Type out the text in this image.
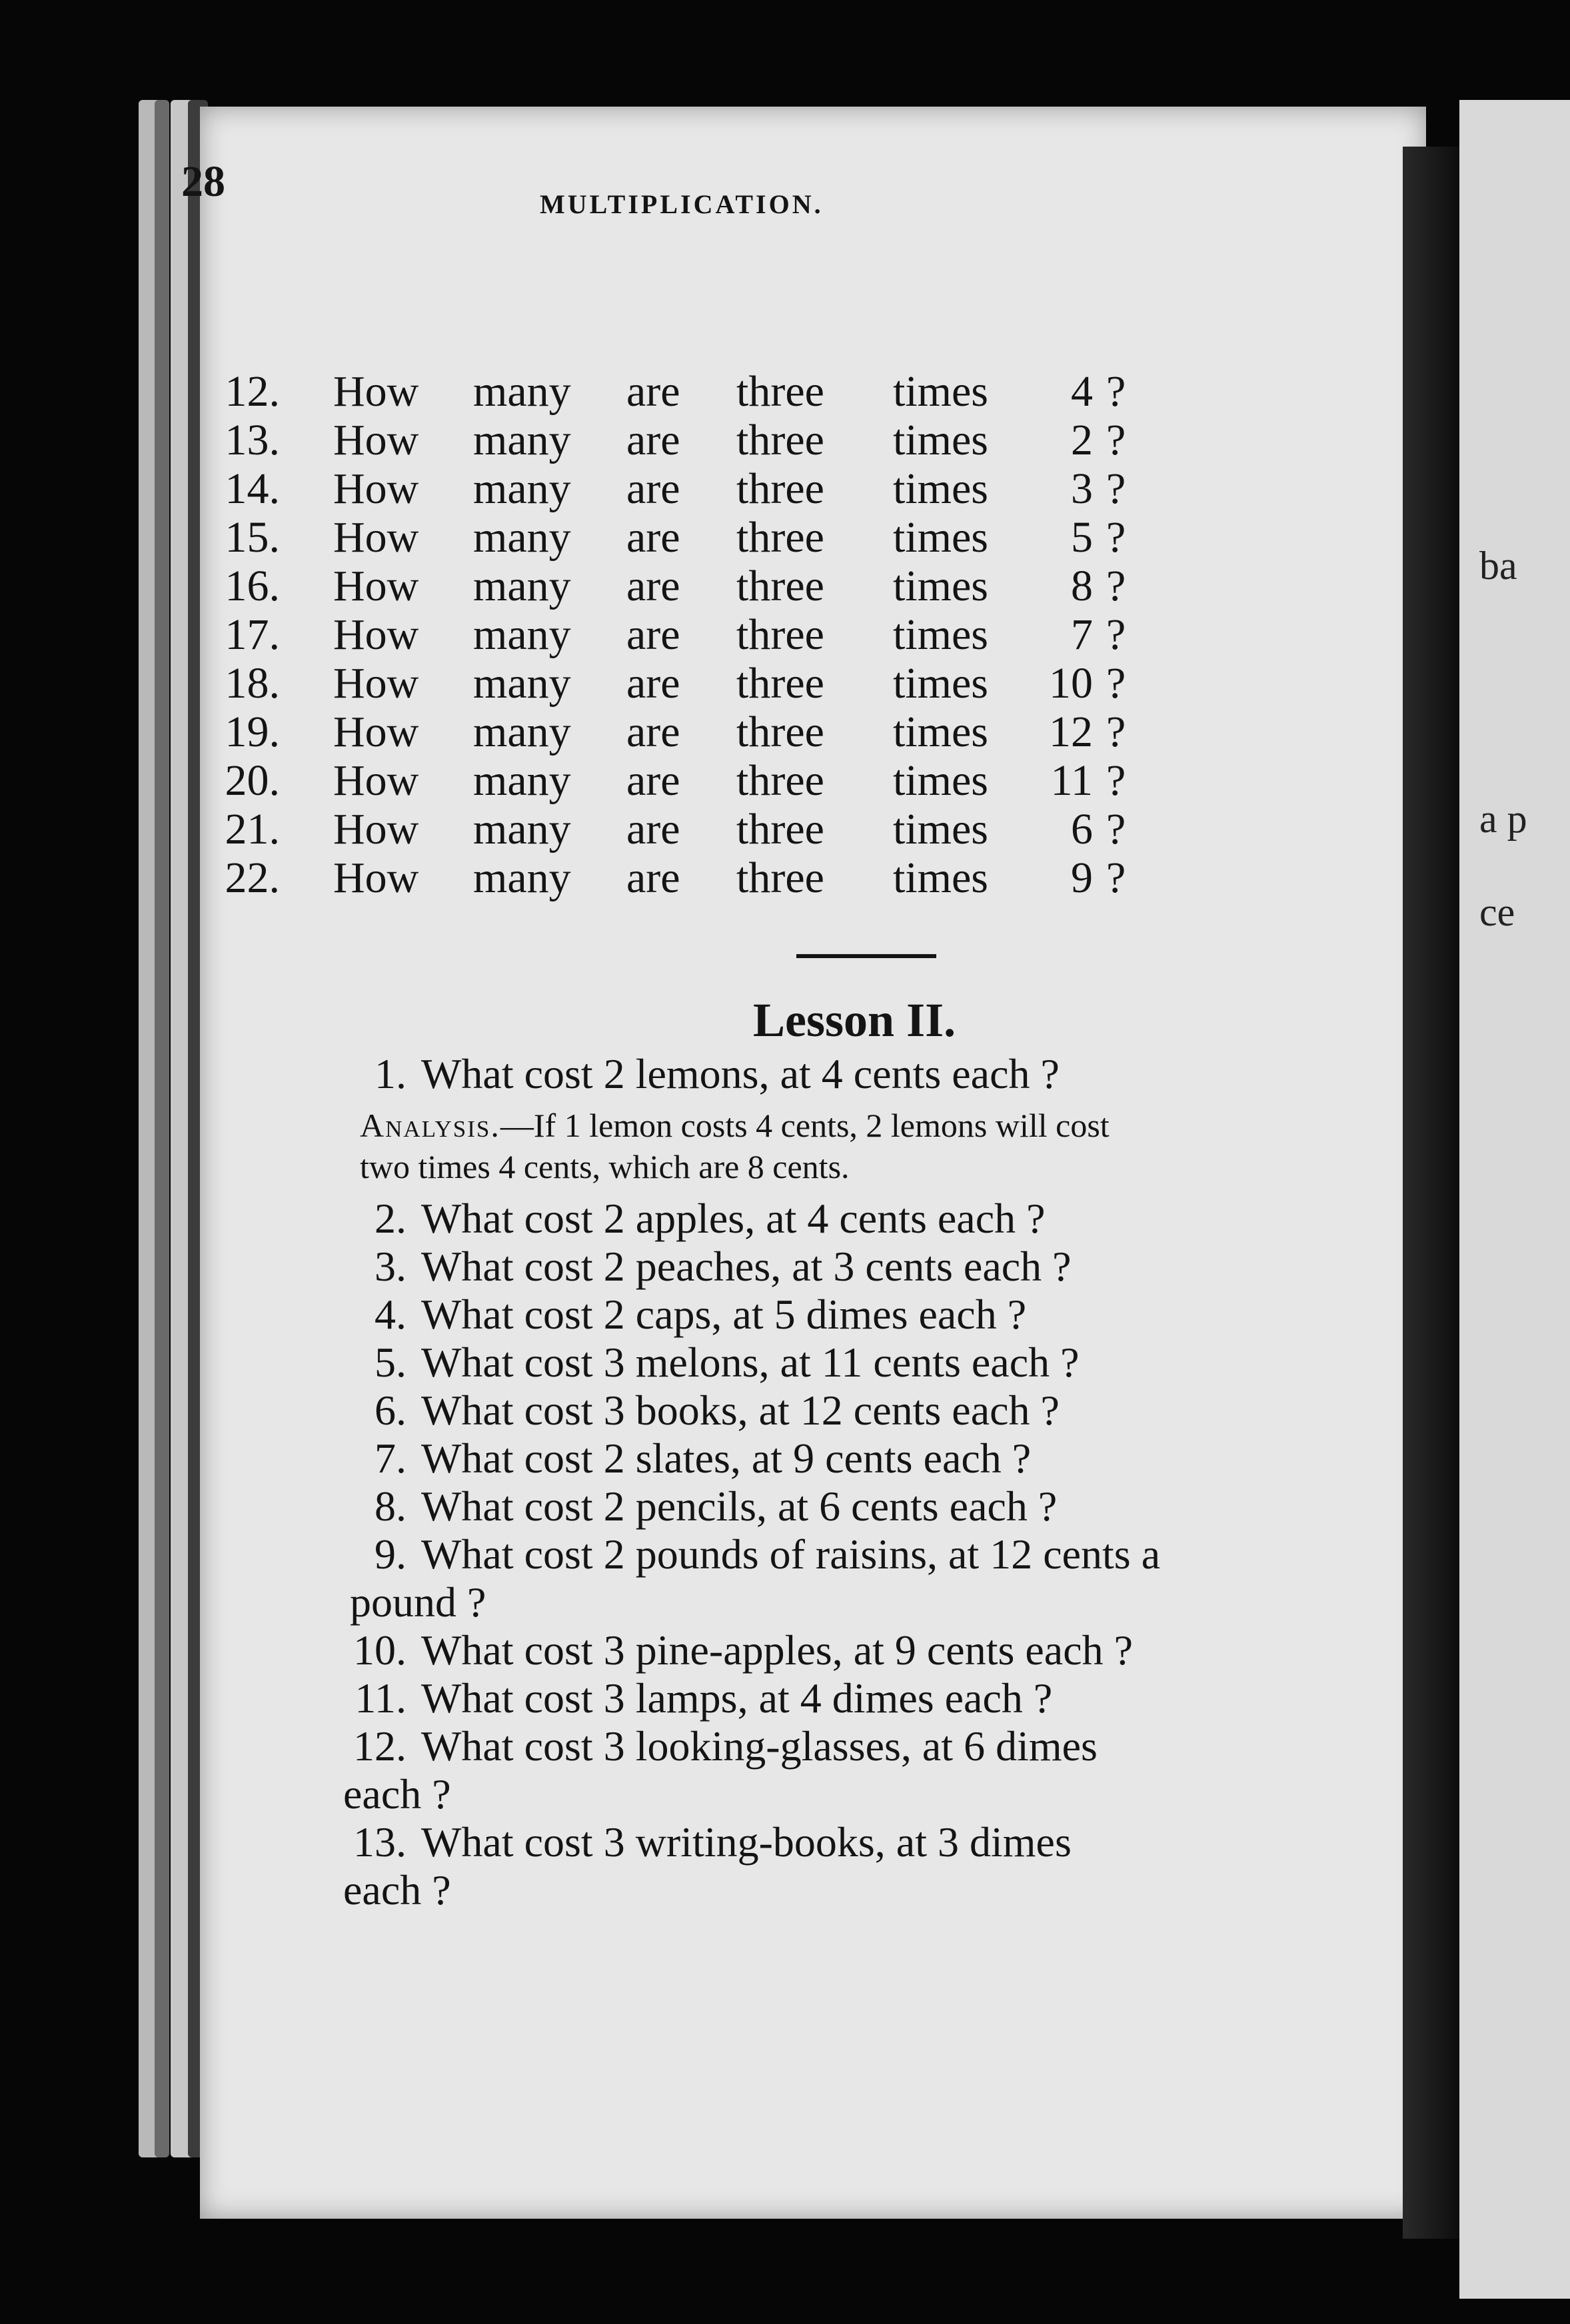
ba
a p
ce
28	MULTIPLICATION.
12. How many are three times	4 ?
13. How many are three times	2 ?
14. How many are three times	3 ?
15. How many are three times	5 ?
16. How many are three times	8 ?
17. How many are three times	7 ?
18. How many are three times	10 ?
19. How many are three times	12 ?
20. How many are three times	11 ?
21. How many are three times	6 ?
22. How many are three times	9 ?
Lesson II.
1. What cost 2 lemons, at 4 cents each ?
Analysis.—If 1 lemon costs 4 cents, 2 lemons will cost
two times 4 cents, which are 8 cents.
2. What cost 2 apples, at 4 cents each ?
3. What cost 2 peaches, at 3 cents each ?
4. What cost 2 caps, at 5 dimes each ?
5. What cost 3 melons, at 11 cents each ?
6. What cost 3 books, at 12 cents each ?
7. What cost 2 slates, at 9 cents each ?
8. What cost 2 pencils, at 6 cents each ?
9. What cost 2 pounds of raisins, at 12 cents a
pound ?
10. What cost 3 pine-apples, at 9 cents each ?
11. What cost 3 lamps, at 4 dimes each ?
12. What cost 3 looking-glasses, at 6 dimes
each ?
13. What cost 3 writing-books, at 3 dimes
each ?
